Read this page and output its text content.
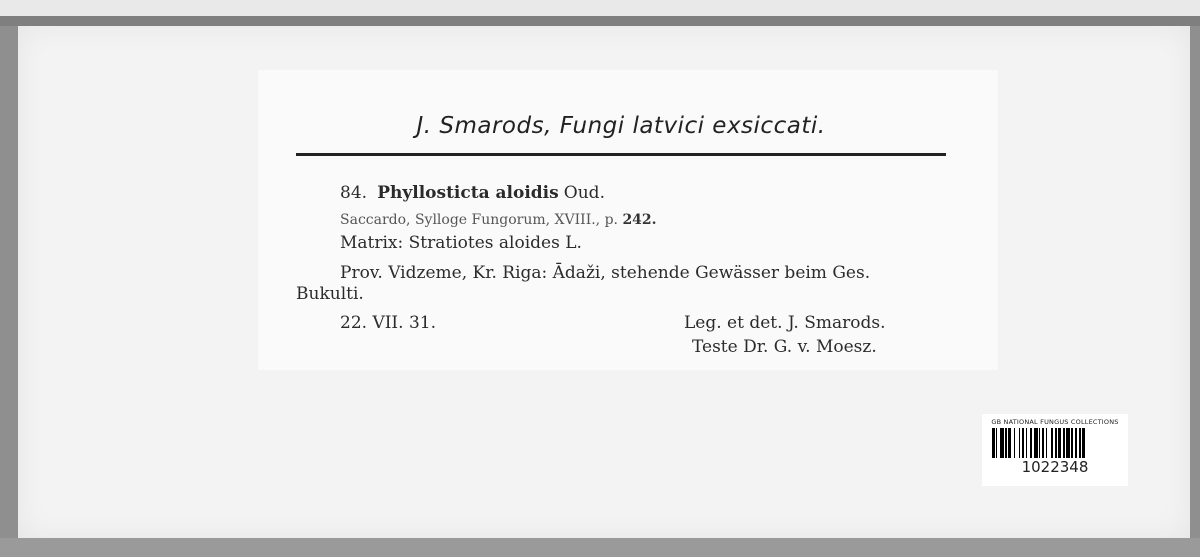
J. Smarods, Fungi latvici exsiccati.
84. Phyllosticta aloidis Oud.
Saccardo, Sylloge Fungorum, XVIII., p. 242.
Matrix: Stratiotes aloides L.
Prov. Vidzeme, Kr. Riga: Ādaži, stehende Gewässer beim Ges.
Bukulti.
22. VII. 31.	Leg. et det. J. Smarods.
Teste Dr. G. v. Moesz.
GB NATIONAL FUNGUS COLLECTIONS
1022348
